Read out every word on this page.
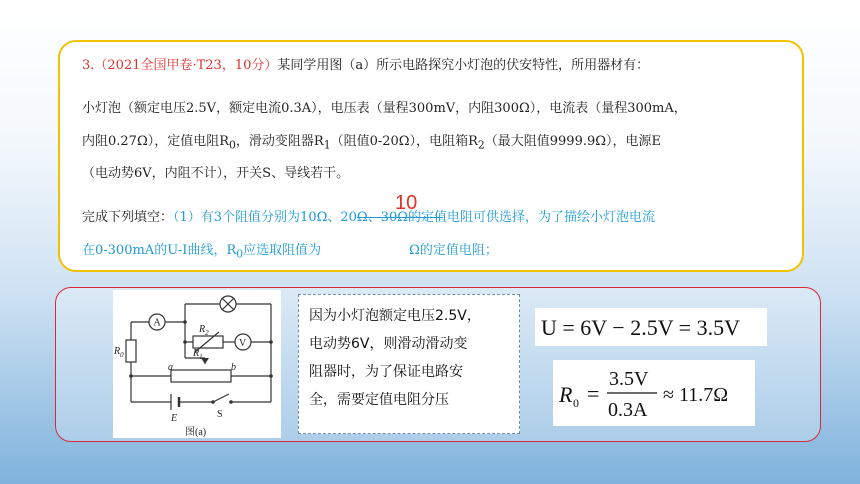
3.（2021全国甲卷·T23，10分）某同学用图（a）所示电路探究小灯泡的伏安特性，所用器材有：
小灯泡（额定电压2.5V，额定电流0.3A），电压表（量程300mV，内阻300Ω），电流表（量程300mA，
内阻0.27Ω），定值电阻$R_0$，滑动变阻器$R_1$（阻值0-20Ω），电阻箱$R_2$（最大阻值9999.9Ω），电源E
（电动势6V，内阻不计），开关S、导线若干。
完成下列填空：（1）有3个阻值分别为10Ω、20Ω、30Ω的定值电阻可供选择，为了描绘小灯泡电流
在0-300mA的U-I曲线，$R_0$应选取阻值为	Ω的定值电阻；
10
A
V
$R_0$
$R_2$
$R_1$
a	b
E	S
图(a)
因为小灯泡额定电压2.5V，
电动势6V，则滑动滑动变
阻器时，为了保证电路安
全，需要定值电阻分压
U = 6V − 2.5V = 3.5V
R 0 =
3.5V
0.3A
≈ 11.7Ω
